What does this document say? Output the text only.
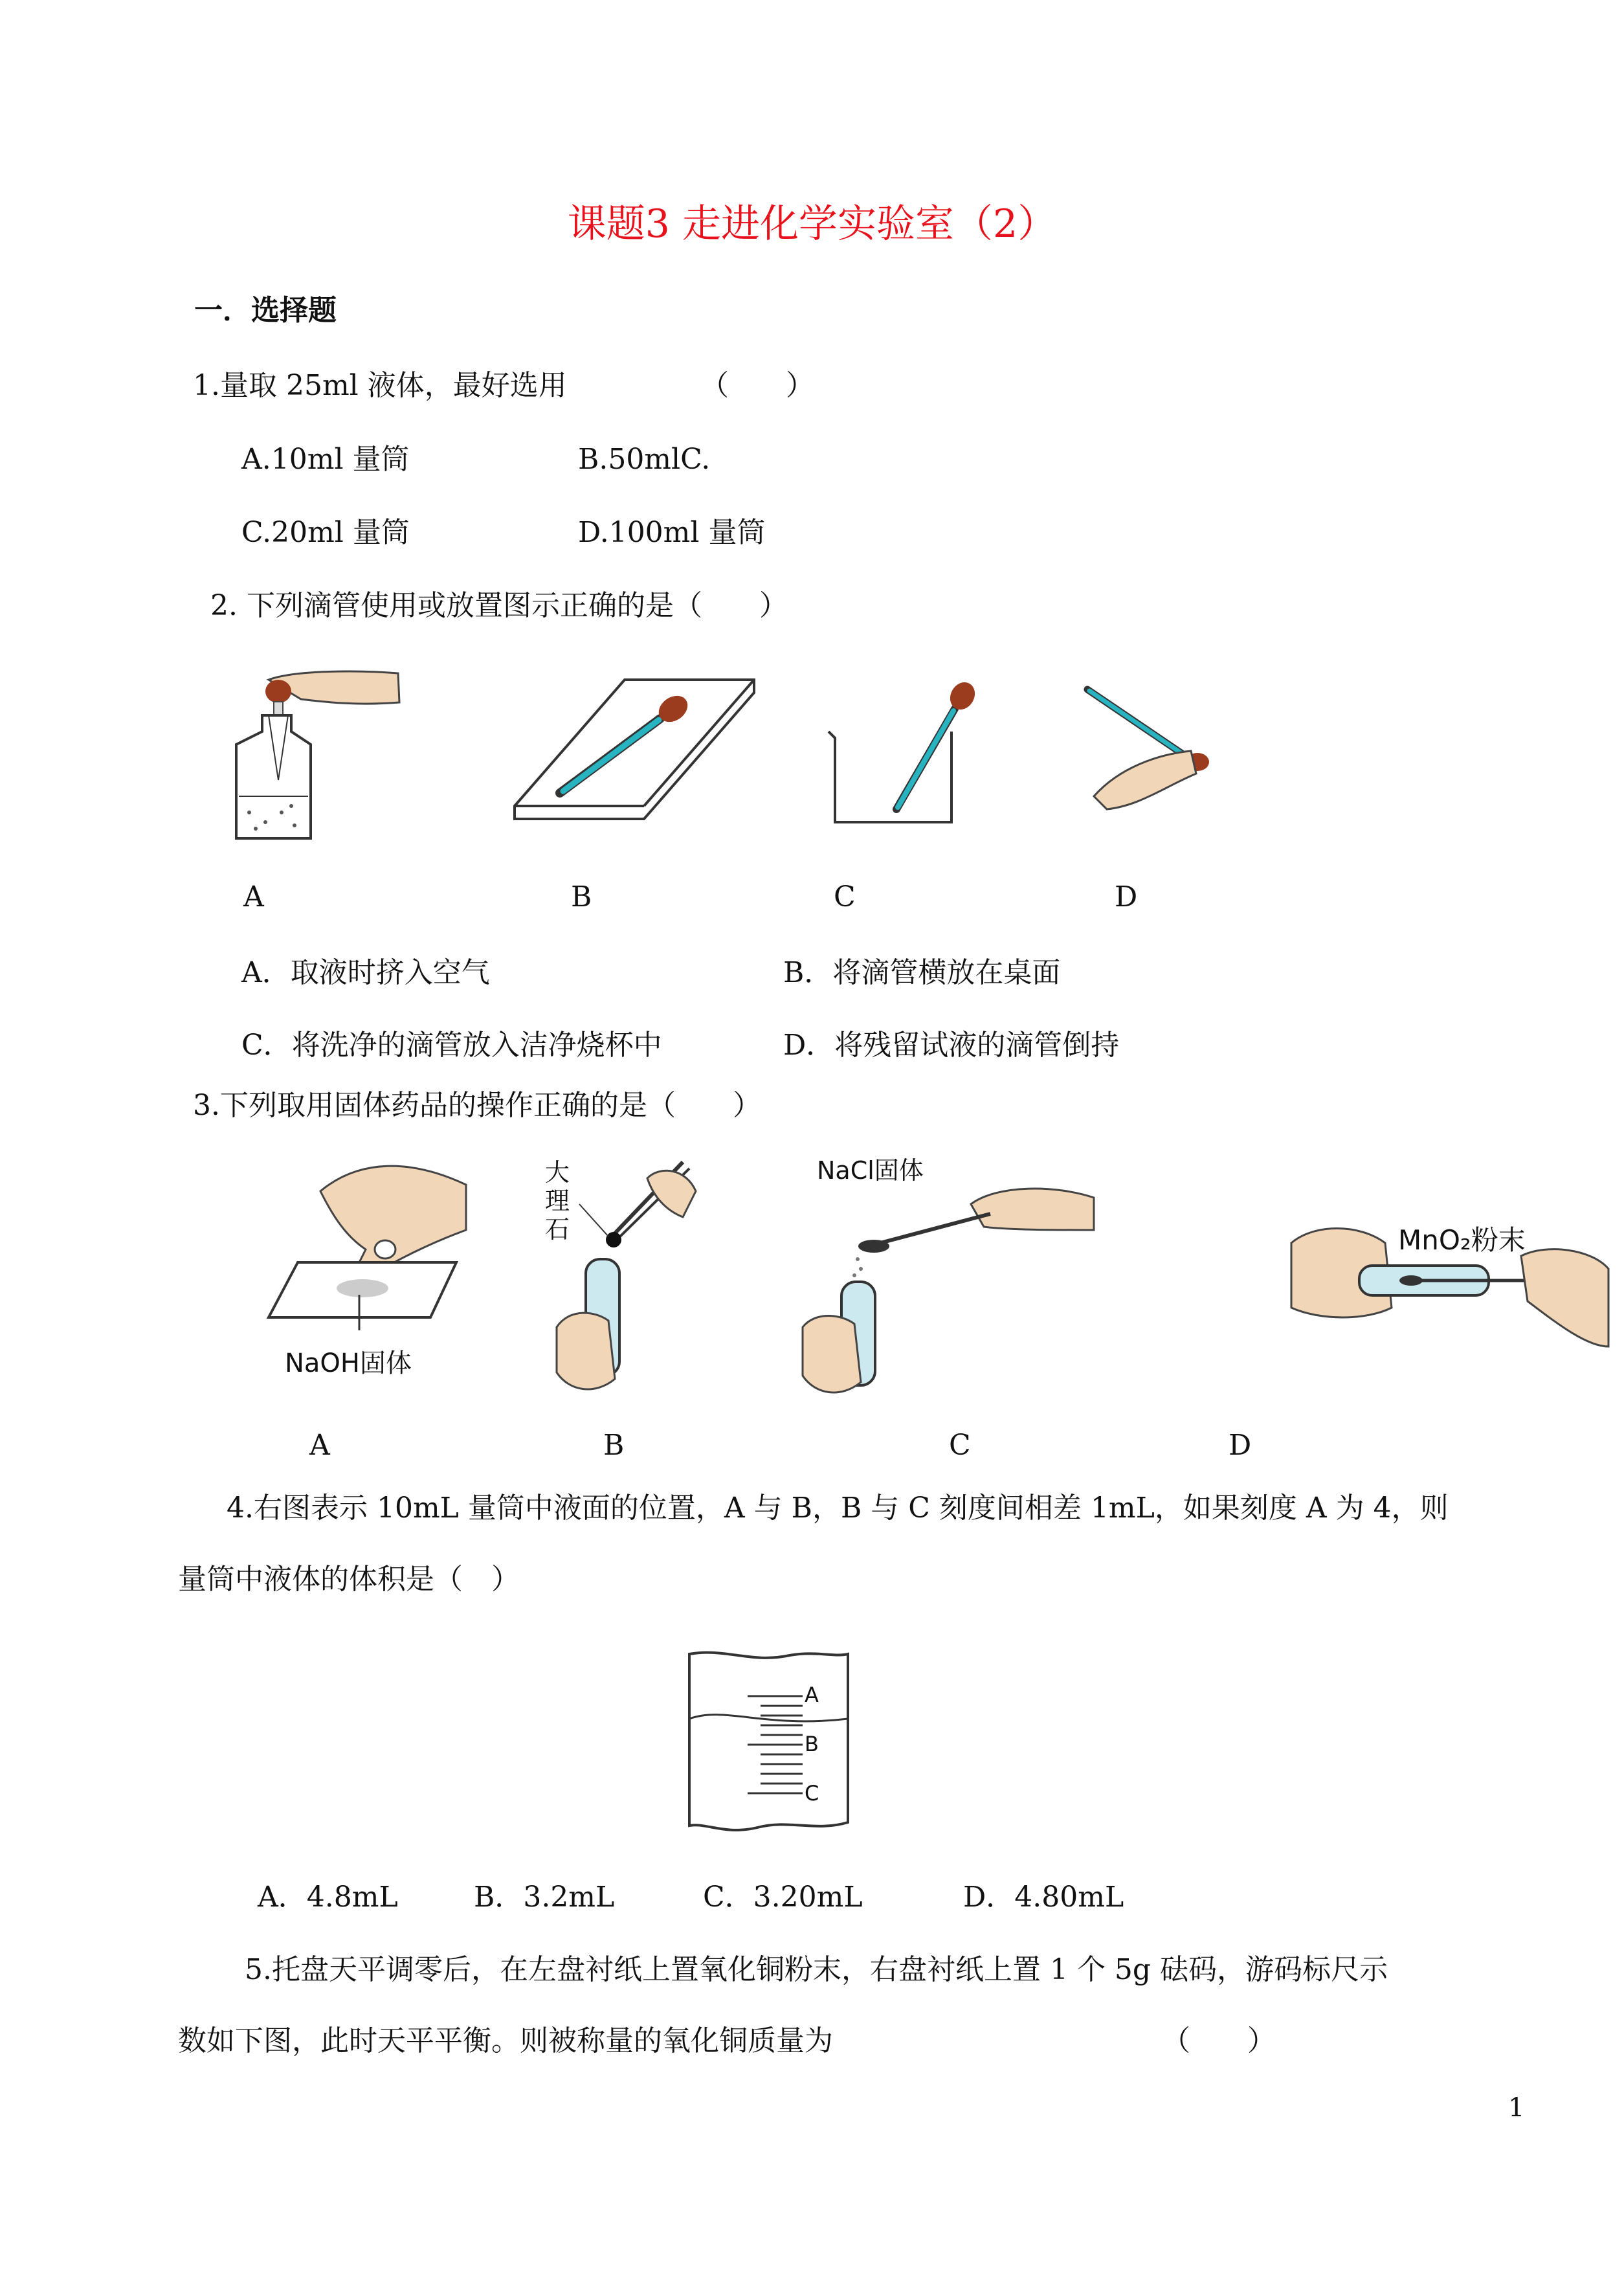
课题3 走进化学实验室（2）
一．选择题
1.量取 25ml 液体，最好选用	（　　）
A.10ml 量筒	B.50mlC.
C.20ml 量筒	D.100ml 量筒
2. 下列滴管使用或放置图示正确的是（　　）
A	B	C	D
A．取液时挤入空气	B．将滴管横放在桌面
C．将洗净的滴管放入洁净烧杯中	D．将残留试液的滴管倒持
3.下列取用固体药品的操作正确的是（　　）
NaOH固体
大
理
石
NaCl固体
MnO₂粉末
A	B	C	D
4.右图表示 10mL 量筒中液面的位置，A 与 B，B 与 C 刻度间相差 1mL，如果刻度 A 为 4，则
量筒中液体的体积是（　）
A
B
C
A．4.8mL	B．3.2mL	C．3.20mL	D．4.80mL
5.托盘天平调零后，在左盘衬纸上置氧化铜粉末，右盘衬纸上置 1 个 5g 砝码，游码标尺示
数如下图，此时天平平衡。则被称量的氧化铜质量为	（　　）
1
